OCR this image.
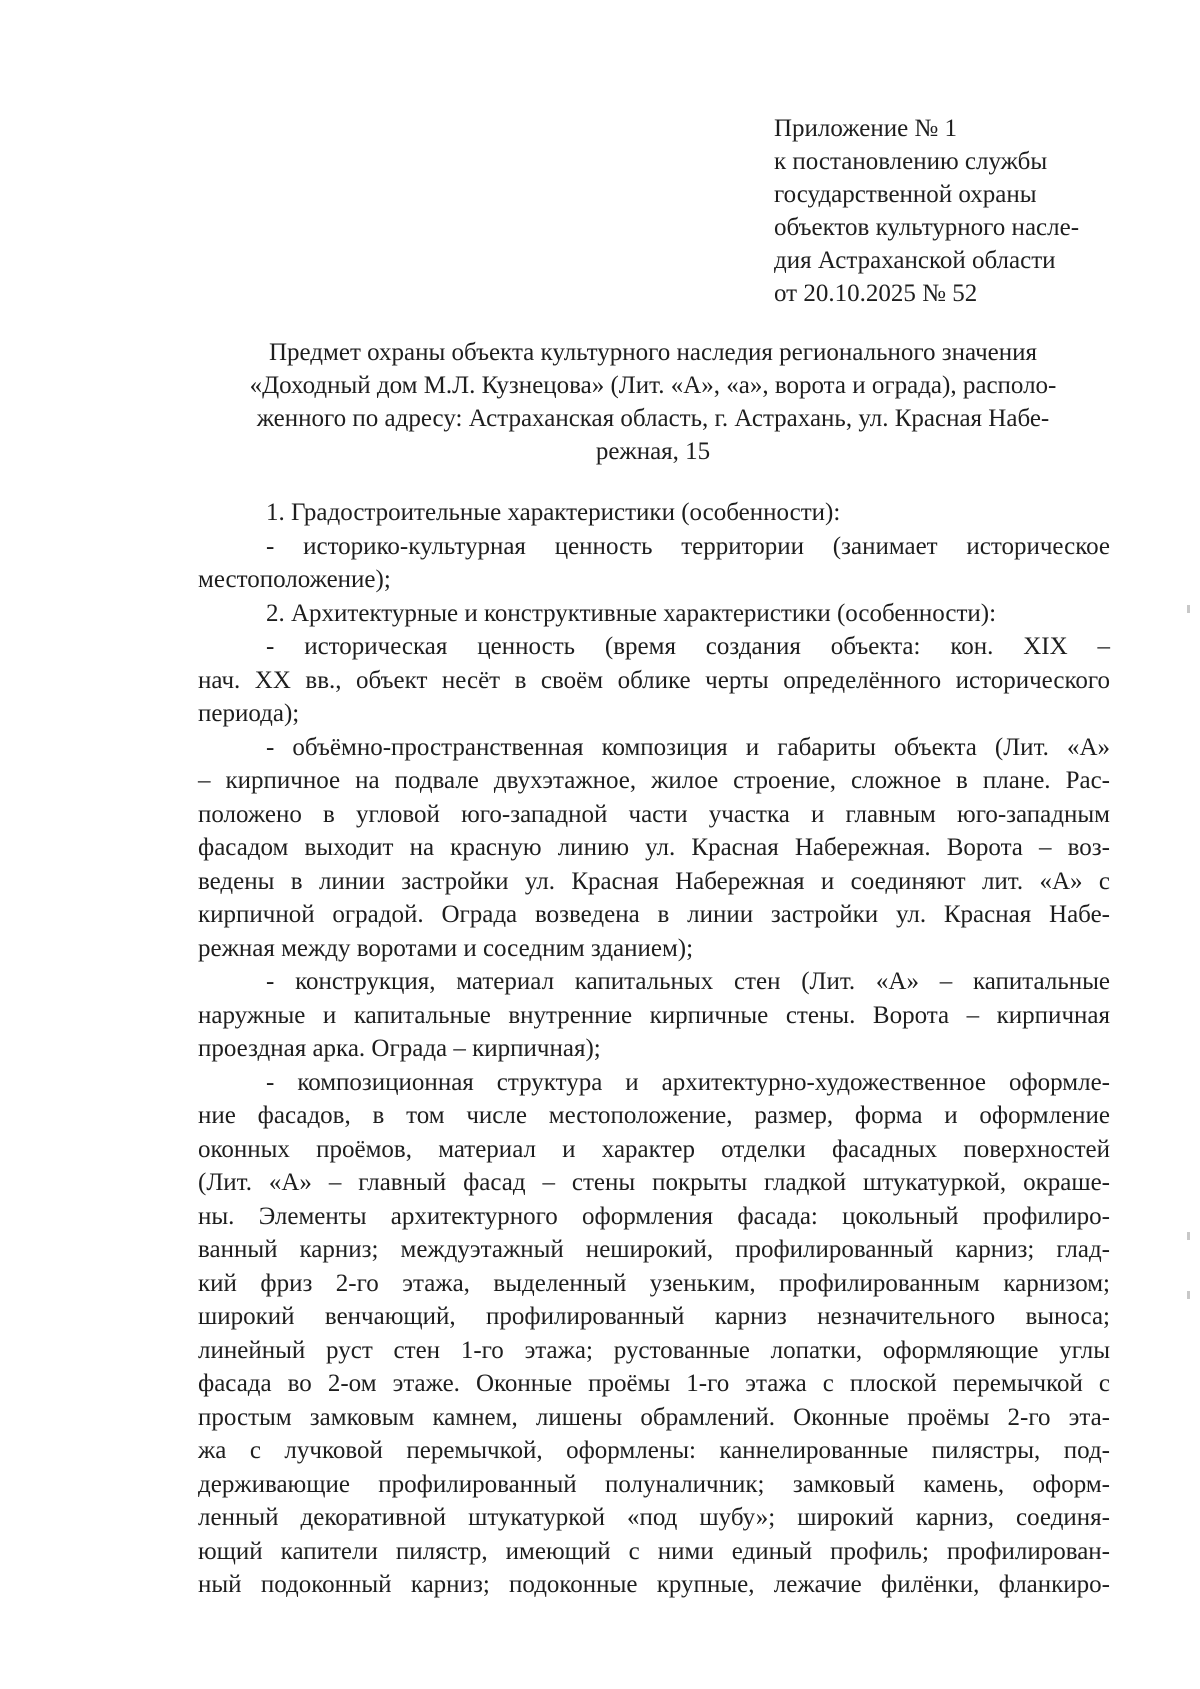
Приложение № 1
к постановлению службы
государственной охраны
объектов культурного насле-
дия Астраханской области
от 20.10.2025 № 52
Предмет охраны объекта культурного наследия регионального значения
«Доходный дом М.Л. Кузнецова» (Лит. «А», «а», ворота и ограда), располо-
женного по адресу: Астраханская область, г. Астрахань, ул. Красная Набе-
режная, 15
1. Градостроительные характеристики (особенности):
- историко-культурная ценность территории (занимает историческое
местоположение);
2. Архитектурные и конструктивные характеристики (особенности):
- историческая ценность (время создания объекта: кон. XIX –
нач. XX вв., объект несёт в своём облике черты определённого исторического
периода);
- объёмно-пространственная композиция и габариты объекта (Лит. «А»
– кирпичное на подвале двухэтажное, жилое строение, сложное в плане. Рас-
положено в угловой юго-западной части участка и главным юго-западным
фасадом выходит на красную линию ул. Красная Набережная. Ворота – воз-
ведены в линии застройки ул. Красная Набережная и соединяют лит. «А» с
кирпичной оградой. Ограда возведена в линии застройки ул. Красная Набе-
режная между воротами и соседним зданием);
- конструкция, материал капитальных стен (Лит. «А» – капитальные
наружные и капитальные внутренние кирпичные стены. Ворота – кирпичная
проездная арка. Ограда – кирпичная);
- композиционная структура и архитектурно-художественное оформле-
ние фасадов, в том числе местоположение, размер, форма и оформление
оконных проёмов, материал и характер отделки фасадных поверхностей
(Лит. «А» – главный фасад – стены покрыты гладкой штукатуркой, окраше-
ны. Элементы архитектурного оформления фасада: цокольный профилиро-
ванный карниз; междуэтажный неширокий, профилированный карниз; глад-
кий фриз 2-го этажа, выделенный узеньким, профилированным карнизом;
широкий венчающий, профилированный карниз незначительного выноса;
линейный руст стен 1-го этажа; рустованные лопатки, оформляющие углы
фасада во 2-ом этаже. Оконные проёмы 1-го этажа с плоской перемычкой с
простым замковым камнем, лишены обрамлений. Оконные проёмы 2-го эта-
жа с лучковой перемычкой, оформлены: каннелированные пилястры, под-
держивающие профилированный полуналичник; замковый камень, оформ-
ленный декоративной штукатуркой «под шубу»; широкий карниз, соединя-
ющий капители пилястр, имеющий с ними единый профиль; профилирован-
ный подоконный карниз; подоконные крупные, лежачие филёнки, фланкиро-
